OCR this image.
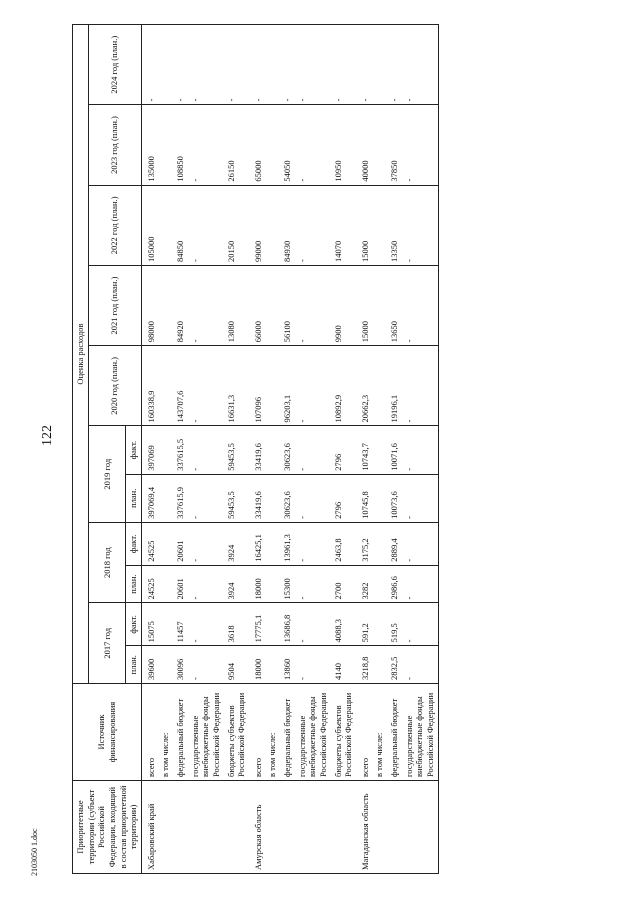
122
Приоритетные территории (субъект Российской Федерации, входящий в состав приоритетной территории)	Источник финансирования	Оценка расходов										
		2017 год		2018 год		2019 год		2020 год (план.)	2021 год (план.)	2022 год (план.)	2023 год (план.)	2024 год (план.)
		план.	факт.	план.	факт.	план.	факт.					
Хабаровский край	всего	39600	15075	24525	24525	397069,4	397069	160338,9	98000	105000	135000	-
	в том числе:											
	федеральный бюджет	30096	11457	20601	20601	337615,9	337615,5	143707,6	84920	84850	108850	-
	государственные внебюджетные фонды Российской Федерации	-	-	-	-	-	-	-	-	-	-	-
	бюджеты субъектов Российской Федерации	9504	3618	3924	3924	59453,5	59453,5	16631,3	13080	20150	26150	-
Амурская область	всего	18000	17775,1	18000	16425,1	33419,6	33419,6	107096	66000	99000	65000	-
	в том числе:											
	федеральный бюджет	13860	13686,8	15300	13961,3	30623,6	30623,6	96203,1	56100	84930	54050	-
	государственные внебюджетные фонды Российской Федерации	-	-	-	-	-	-	-	-	-	-	-
	бюджеты субъектов Российской Федерации	4140	4088,3	2700	2463,8	2796	2796	10892,9	9900	14070	10950	-
Магаданская область	всего	3218,8	591,2	3282	3175,2	10745,8	10743,7	20662,3	15000	15000	40000	-
	в том числе:											
	федеральный бюджет	2832,5	519,5	2986,6	2889,4	10073,6	10071,6	19196,1	13650	13350	37850	-
	государственные внебюджетные фонды Российской Федерации	-	-	-	-	-	-	-	-	-	-	-
2103050 1.doc
